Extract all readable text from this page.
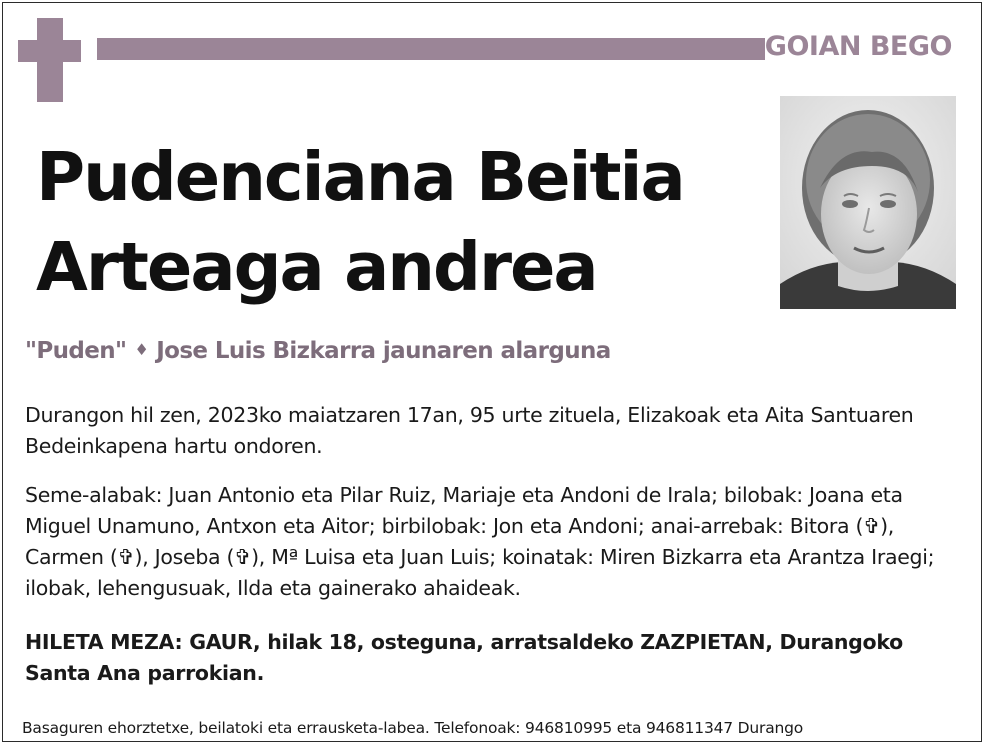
GOIAN BEGO
Pudenciana Beitia
Arteaga andrea

"Puden" ♦ Jose Luis Bizkarra jaunaren alarguna

Durangon hil zen, 2023ko maiatzaren 17an, 95 urte zituela, Elizakoak eta Aita Santuaren Bedeinkapena hartu ondoren.

Seme-alabak: Juan Antonio eta Pilar Ruiz, Mariaje eta Andoni de Irala; bilobak: Joana eta Miguel Unamuno, Antxon eta Aitor; birbilobak: Jon eta Andoni; anai-arrebak: Bitora (✞), Carmen (✞), Joseba (✞), Mª Luisa eta Juan Luis; koinatak: Miren Bizkarra eta Arantza Iraegi; ilobak, lehengusuak, Ilda eta gainerako ahaideak.

HILETA MEZA: GAUR, hilak 18, osteguna, arratsaldeko ZAZPIETAN, Durangoko Santa Ana parrokian.

Basaguren ehorztetxe, beilatoki eta errausketa-labea. Telefonoak: 946810995 eta 946811347 Durango
